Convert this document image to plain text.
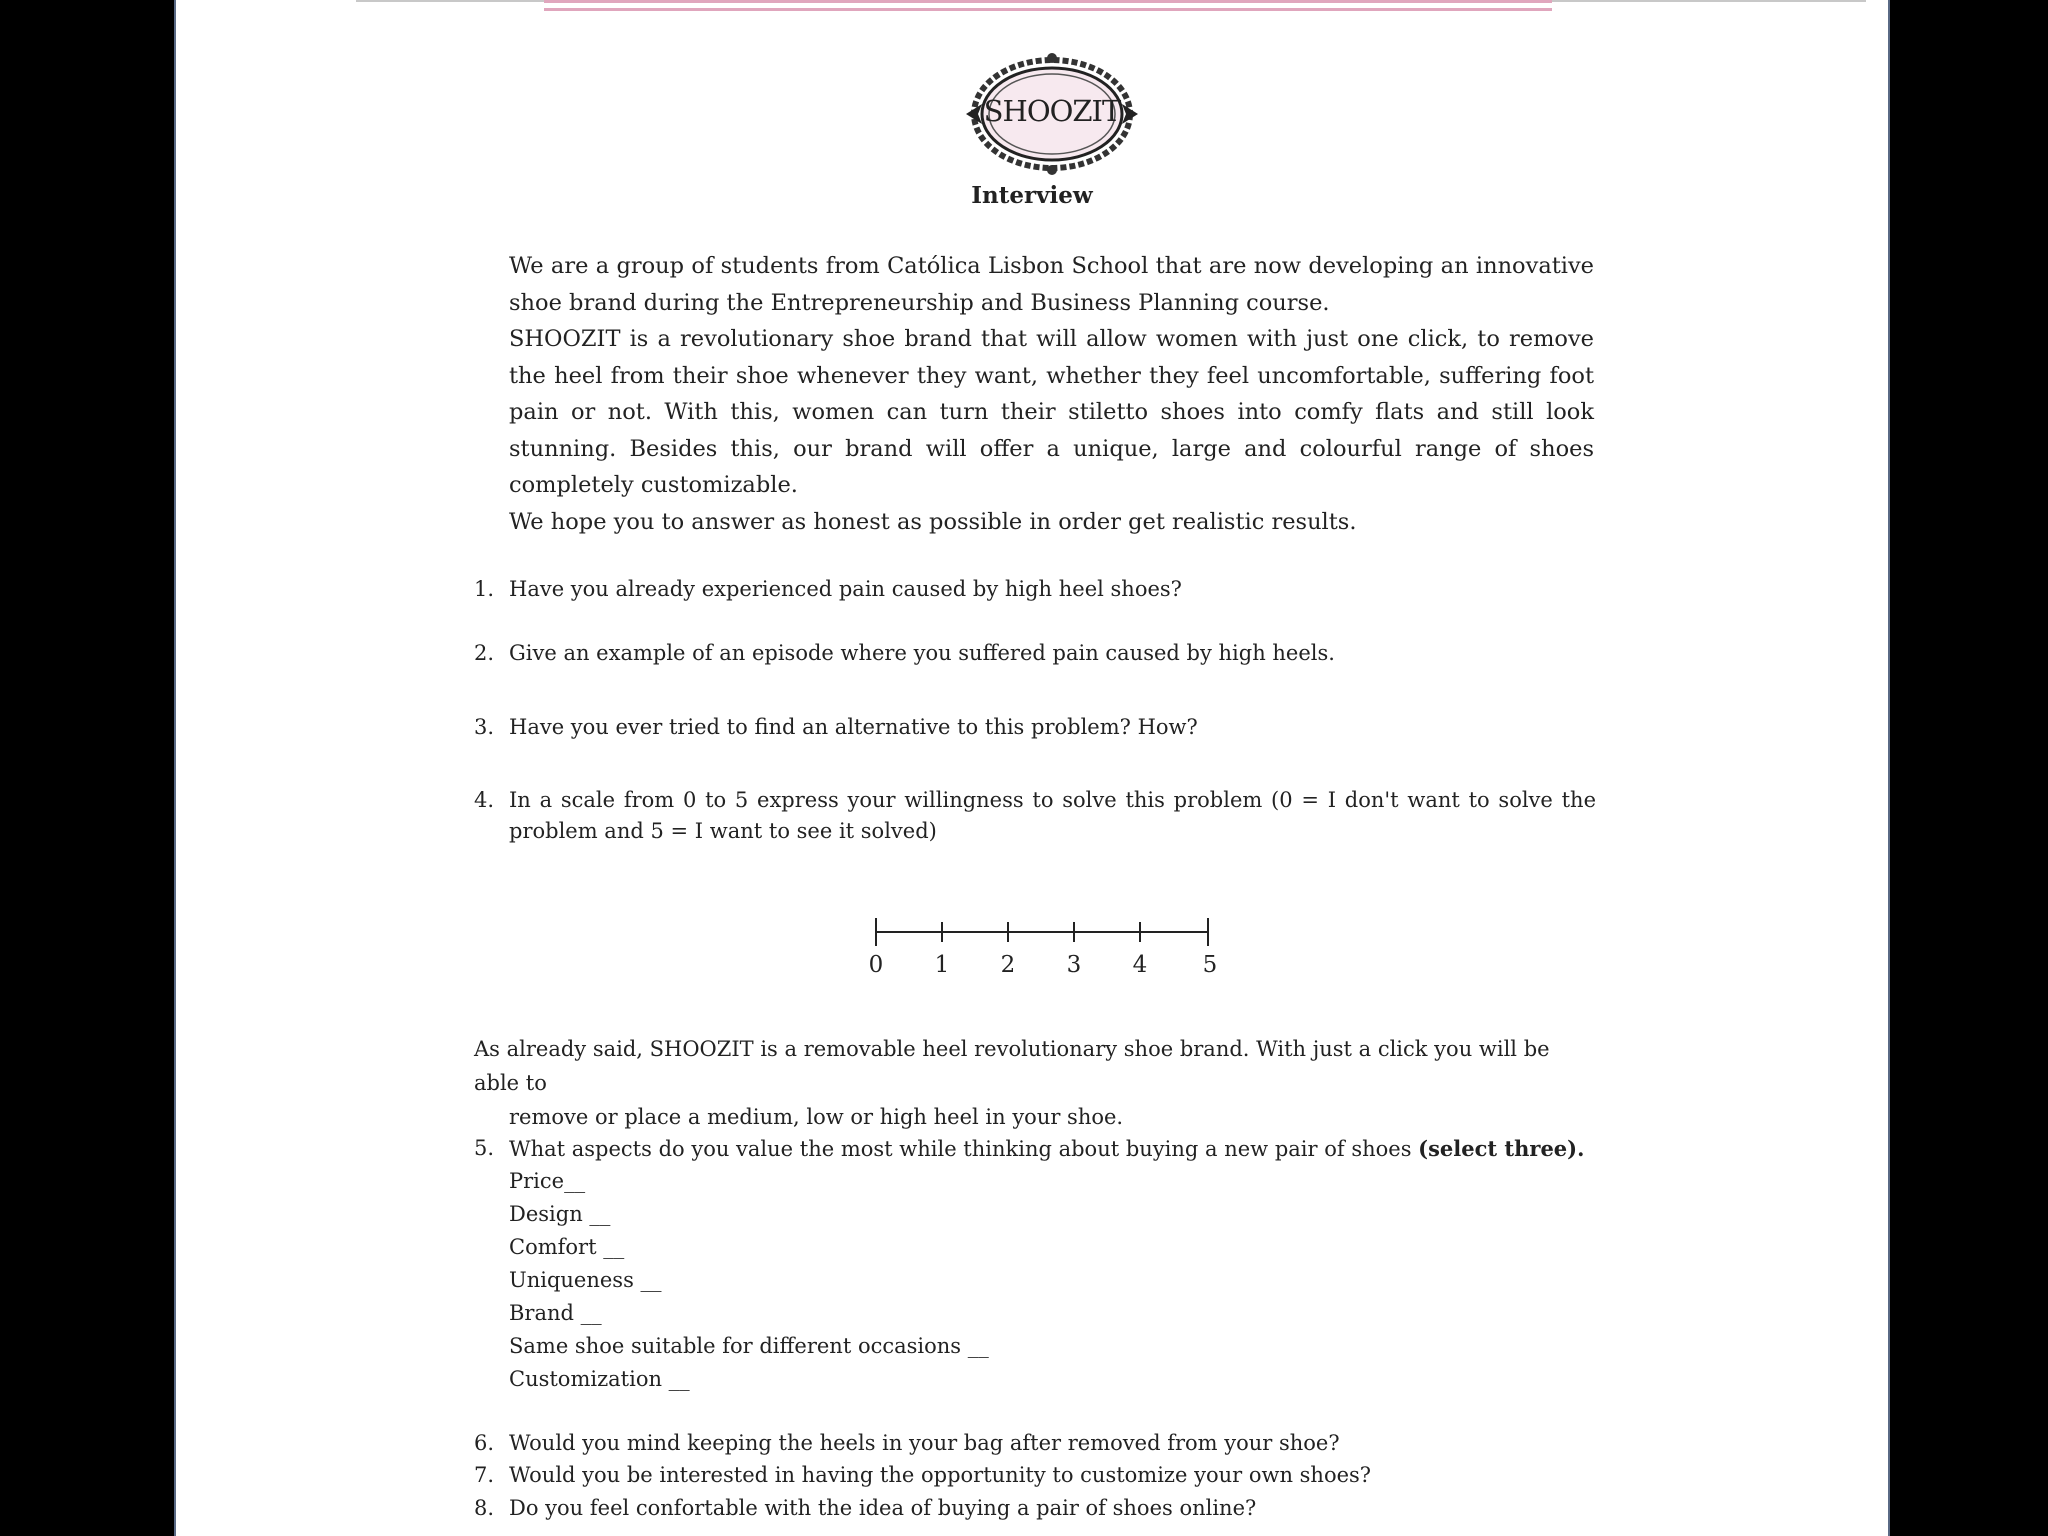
SHOOZIT
Interview

We are a group of students from Católica Lisbon School that are now developing an innovative shoe brand during the Entrepreneurship and Business Planning course.

SHOOZIT is a revolutionary shoe brand that will allow women with just one click, to remove the heel from their shoe whenever they want, whether they feel uncomfortable, suffering foot pain or not. With this, women can turn their stiletto shoes into comfy flats and still look stunning. Besides this, our brand will offer a unique, large and colourful range of shoes completely customizable.

We hope you to answer as honest as possible in order get realistic results.

1. Have you already experienced pain caused by high heel shoes?
2. Give an example of an episode where you suffered pain caused by high heels.
3. Have you ever tried to find an alternative to this problem? How?
4. In a scale from 0 to 5 express your willingness to solve this problem (0 = I don't want to solve the problem and 5 = I want to see it solved)
0 1 2 3 4 5
As already said, SHOOZIT is a removable heel revolutionary shoe brand. With just a click you will be able to
remove or place a medium, low or high heel in your shoe.
5. What aspects do you value the most while thinking about buying a new pair of shoes (select three).
Price__
Design __
Comfort __
Uniqueness __
Brand __
Same shoe suitable for different occasions __
Customization __
6. Would you mind keeping the heels in your bag after removed from your shoe?
7. Would you be interested in having the opportunity to customize your own shoes?
8. Do you feel confortable with the idea of buying a pair of shoes online?
